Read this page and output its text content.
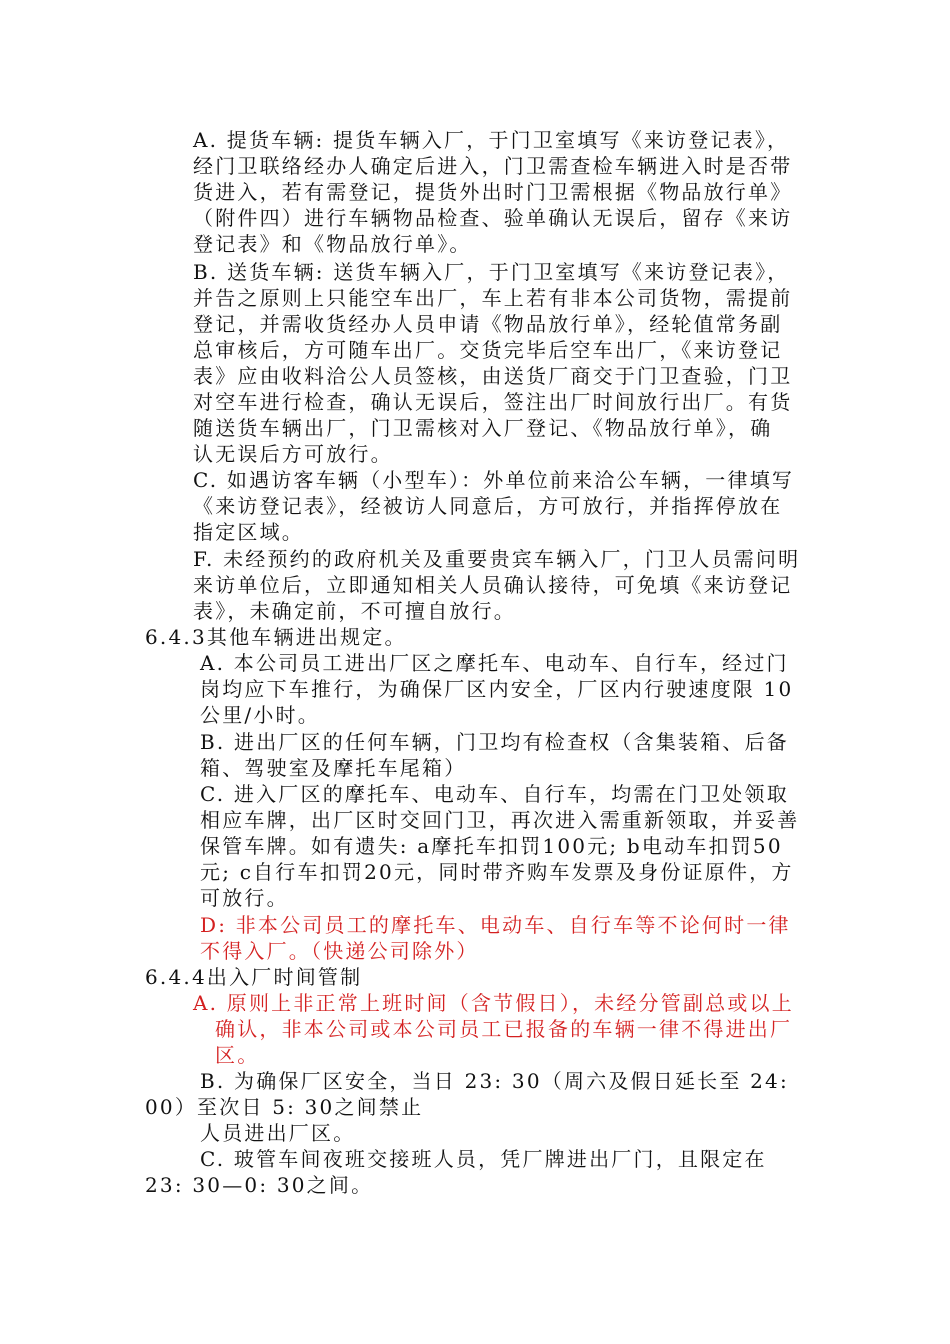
A. 提货车辆: 提货车辆入厂，于门卫室填写《来访登记表》，

经门卫联络经办人确定后进入，门卫需查检车辆进入时是否带

货进入，若有需登记，提货外出时门卫需根据《物品放行单》

（附件四）进行车辆物品检查、验单确认无误后，留存《来访

登记表》和《物品放行单》。

B. 送货车辆: 送货车辆入厂，于门卫室填写《来访登记表》，

并告之原则上只能空车出厂，车上若有非本公司货物，需提前

登记，并需收货经办人员申请《物品放行单》，经轮值常务副

总审核后，方可随车出厂。交货完毕后空车出厂，《来访登记

表》应由收料洽公人员签核，由送货厂商交于门卫查验，门卫

对空车进行检查，确认无误后，签注出厂时间放行出厂。有货

随送货车辆出厂，门卫需核对入厂登记、《物品放行单》，确

认无误后方可放行。

C. 如遇访客车辆（小型车）：外单位前来洽公车辆，一律填写

《来访登记表》，经被访人同意后，方可放行，并指挥停放在

指定区域。

F. 未经预约的政府机关及重要贵宾车辆入厂，门卫人员需问明

来访单位后，立即通知相关人员确认接待，可免填《来访登记

表》，未确定前，不可擅自放行。

6.4.3其他车辆进出规定。

A. 本公司员工进出厂区之摩托车、电动车、自行车，经过门

岗均应下车推行，为确保厂区内安全，厂区内行驶速度限 10

公里/小时。

B. 进出厂区的任何车辆，门卫均有检查权（含集装箱、后备

箱、驾驶室及摩托车尾箱）

C. 进入厂区的摩托车、电动车、自行车，均需在门卫处领取

相应车牌，出厂区时交回门卫，再次进入需重新领取，并妥善

保管车牌。如有遗失: a摩托车扣罚100元; b电动车扣罚50

元; c自行车扣罚20元，同时带齐购车发票及身份证原件，方

可放行。

D: 非本公司员工的摩托车、电动车、自行车等不论何时一律

不得入厂。（快递公司除外）

6.4.4出入厂时间管制

A. 原则上非正常上班时间（含节假日），未经分管副总或以上

确认，非本公司或本公司员工已报备的车辆一律不得进出厂

区。

B. 为确保厂区安全，当日 23: 30（周六及假日延长至 24:

00）至次日 5: 30之间禁止

人员进出厂区。

C. 玻管车间夜班交接班人员，凭厂牌进出厂门，且限定在

23: 30—0: 30之间。
